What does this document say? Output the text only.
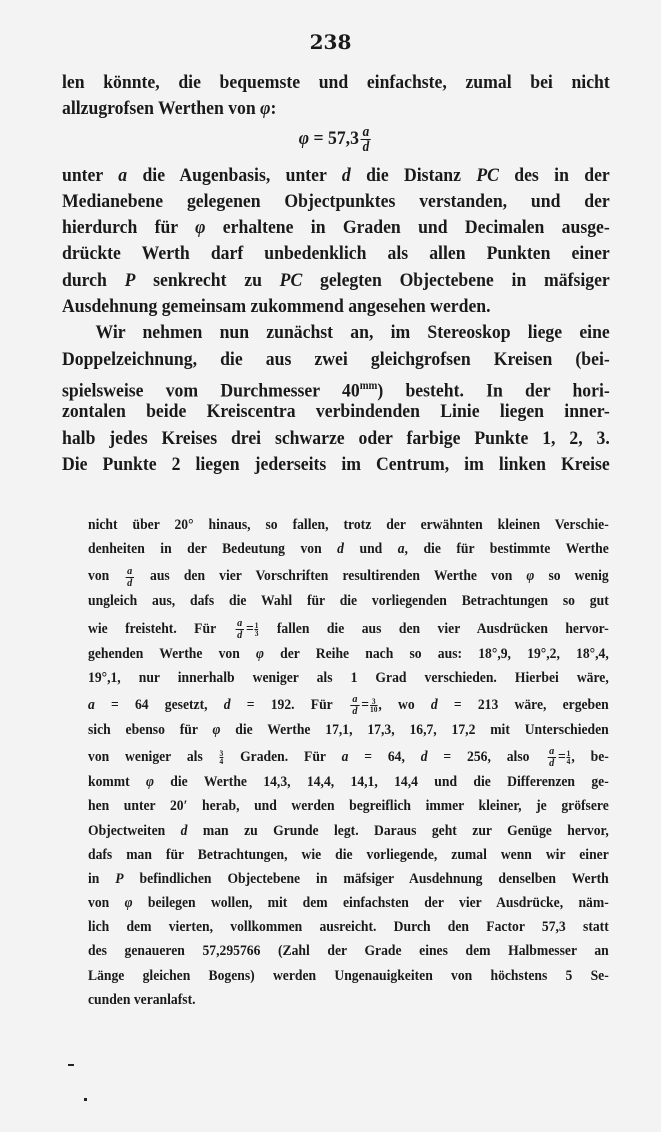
238
len könnte, die bequemste und einfachste, zumal bei nicht
allzugrofsen Werthen von φ:
$\varphi = 57,3 \frac{a}{d}$
unter a die Augenbasis, unter d die Distanz PC des in der
Medianebene gelegenen Objectpunktes verstanden, und der
hierdurch für φ erhaltene in Graden und Decimalen ausge-
drückte Werth darf unbedenklich als allen Punkten einer
durch P senkrecht zu PC gelegten Objectebene in mäfsiger
Ausdehnung gemeinsam zukommend angesehen werden.
Wir nehmen nun zunächst an, im Stereoskop liege eine
Doppelzeichnung, die aus zwei gleichgrofsen Kreisen (bei-
spielsweise vom Durchmesser $40^{mm}$) besteht. In der hori-
zontalen beide Kreiscentra verbindenden Linie liegen inner-
halb jedes Kreises drei schwarze oder farbige Punkte 1, 2, 3.
Die Punkte 2 liegen jederseits im Centrum, im linken Kreise
nicht über 20° hinaus, so fallen, trotz der erwähnten kleinen Verschie-
denheiten in der Bedeutung von d und a, die für bestimmte Werthe
von $\frac{a}{d}$ aus den vier Vorschriften resultirenden Werthe von φ so wenig
ungleich aus, dafs die Wahl für die vorliegenden Betrachtungen so gut
wie freisteht. Für $\frac{a}{d} = \frac{1}{3}$ fallen die aus den vier Ausdrücken hervor-
gehenden Werthe von φ der Reihe nach so aus: 18°,9, 19°,2, 18°,4,
19°,1, nur innerhalb weniger als 1 Grad verschieden. Hierbei wäre,
a = 64 gesetzt, d = 192. Für $\frac{a}{d} = \frac{3}{10}$ , wo d = 213 wäre, ergeben
sich ebenso für φ die Werthe 17,1, 17,3, 16,7, 17,2 mit Unterschieden
von weniger als $\frac{3}{4}$ Graden. Für a = 64, d = 256, also $\frac{a}{d} = \frac{1}{4}$ , be-
kommt φ die Werthe 14,3, 14,4, 14,1, 14,4 und die Differenzen ge-
hen unter 20′ herab, und werden begreiflich immer kleiner, je gröfsere
Objectweiten d man zu Grunde legt. Daraus geht zur Genüge hervor,
dafs man für Betrachtungen, wie die vorliegende, zumal wenn wir einer
in P befindlichen Objectebene in mäfsiger Ausdehnung denselben Werth
von φ beilegen wollen, mit dem einfachsten der vier Ausdrücke, näm-
lich dem vierten, vollkommen ausreicht. Durch den Factor 57,3 statt
des genaueren 57,295766 (Zahl der Grade eines dem Halbmesser an
Länge gleichen Bogens) werden Ungenauigkeiten von höchstens 5 Se-
cunden veranlafst.
